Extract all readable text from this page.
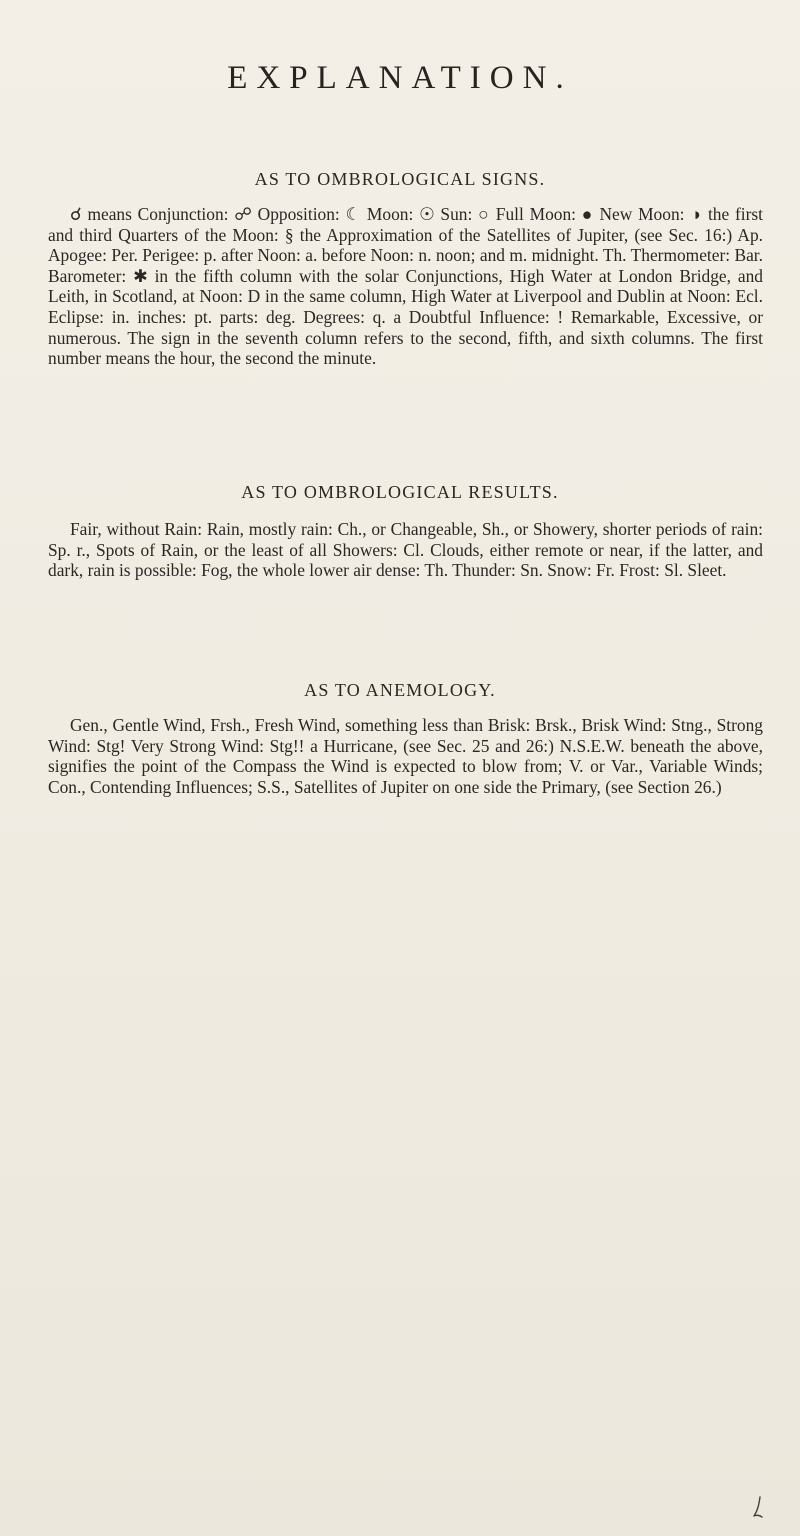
EXPLANATION.
AS TO OMBROLOGICAL SIGNS.

☌ means Conjunction: ☍ Opposition: ☾ Moon: ☉ Sun: ○ Full Moon: ● New Moon: ◑ the first and third Quarters of the Moon: § the Approximation of the Satellites of Jupiter, (see Sec. 16:) Ap. Apogee: Per. Perigee: p. after Noon: a. before Noon: n. noon; and m. midnight. Th. Thermometer: Bar. Barometer: ✱ in the fifth column with the solar Conjunctions, High Water at London Bridge, and Leith, in Scotland, at Noon: D in the same column, High Water at Liverpool and Dublin at Noon: Ecl. Eclipse: in. inches: pt. parts: deg. Degrees: q. a Doubtful Influence: ! Remarkable, Excessive, or numerous. The sign in the seventh column refers to the second, fifth, and sixth columns. The first number means the hour, the second the minute.

AS TO OMBROLOGICAL RESULTS.

Fair, without Rain: Rain, mostly rain: Ch., or Changeable, Sh., or Showery, shorter periods of rain: Sp. r., Spots of Rain, or the least of all Showers: Cl. Clouds, either remote or near, if the latter, and dark, rain is possible: Fog, the whole lower air dense: Th. Thunder: Sn. Snow: Fr. Frost: Sl. Sleet.

AS TO ANEMOLOGY.

Gen., Gentle Wind, Frsh., Fresh Wind, something less than Brisk: Brsk., Brisk Wind: Stng., Strong Wind: Stg! Very Strong Wind: Stg!! a Hurricane, (see Sec. 25 and 26:) N.S.E.W. beneath the above, signifies the point of the Compass the Wind is expected to blow from; V. or Var., Variable Winds; Con., Contending Influences; S.S., Satellites of Jupiter on one side the Primary, (see Section 26.)
